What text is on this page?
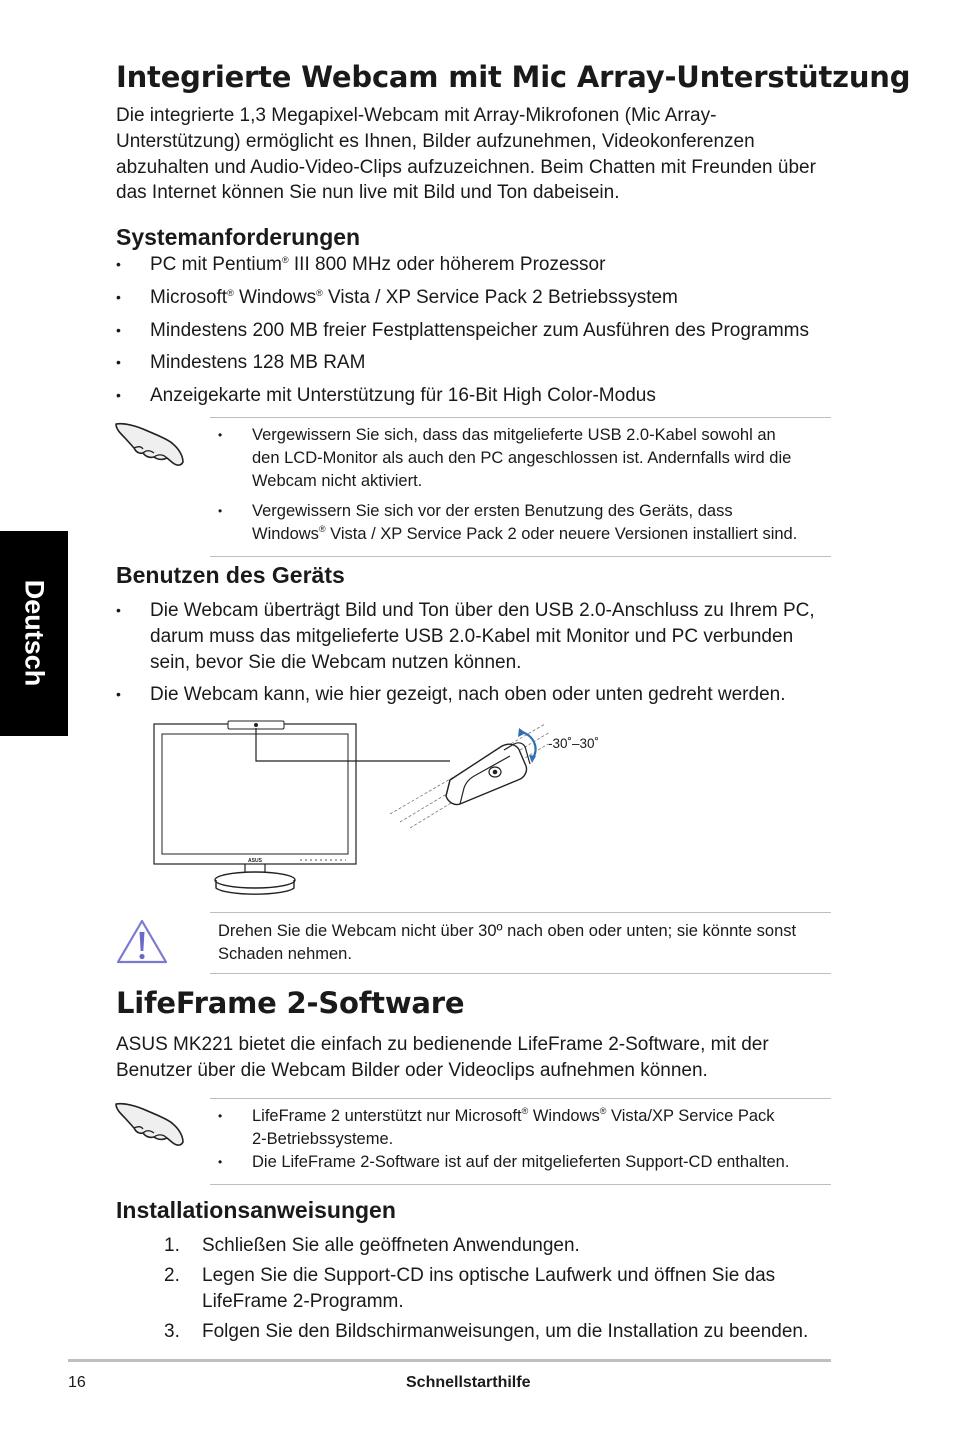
Deutsch
Integrierte Webcam mit Mic Array-Unterstützung
Die integrierte 1,3 Megapixel-Webcam mit Array-Mikrofonen (Mic Array-
Unterstützung) ermöglicht es Ihnen, Bilder aufzunehmen, Videokonferenzen
abzuhalten und Audio-Video-Clips aufzuzeichnen. Beim Chatten mit Freunden über
das Internet können Sie nun live mit Bild und Ton dabeisein.
Systemanforderungen
• PC mit Pentium® III 800 MHz oder höherem Prozessor
• Microsoft® Windows® Vista / XP Service Pack 2 Betriebssystem
• Mindestens 200 MB freier Festplattenspeicher zum Ausführen des Programms
• Mindestens 128 MB RAM
• Anzeigekarte mit Unterstützung für 16-Bit High Color-Modus
• Vergewissern Sie sich, dass das mitgelieferte USB 2.0-Kabel sowohl an
den LCD-Monitor als auch den PC angeschlossen ist. Andernfalls wird die
Webcam nicht aktiviert.
• Vergewissern Sie sich vor der ersten Benutzung des Geräts, dass
Windows® Vista / XP Service Pack 2 oder neuere Versionen installiert sind.
Benutzen des Geräts
• Die Webcam überträgt Bild und Ton über den USB 2.0-Anschluss zu Ihrem PC,
darum muss das mitgelieferte USB 2.0-Kabel mit Monitor und PC verbunden
sein, bevor Sie die Webcam nutzen können.
• Die Webcam kann, wie hier gezeigt, nach oben oder unten gedreht werden.
ASUS
-30˚–30˚
Drehen Sie die Webcam nicht über 30º nach oben oder unten; sie könnte sonst
Schaden nehmen.
LifeFrame 2-Software
ASUS MK221 bietet die einfach zu bedienende LifeFrame 2-Software, mit der
Benutzer über die Webcam Bilder oder Videoclips aufnehmen können.
• LifeFrame 2 unterstützt nur Microsoft® Windows® Vista/XP Service Pack
2-Betriebssysteme.
• Die LifeFrame 2-Software ist auf der mitgelieferten Support-CD enthalten.
Installationsanweisungen
1. Schließen Sie alle geöffneten Anwendungen.
2. Legen Sie die Support-CD ins optische Laufwerk und öffnen Sie das
LifeFrame 2-Programm.
3. Folgen Sie den Bildschirmanweisungen, um die Installation zu beenden.
16	Schnellstarthilfe
